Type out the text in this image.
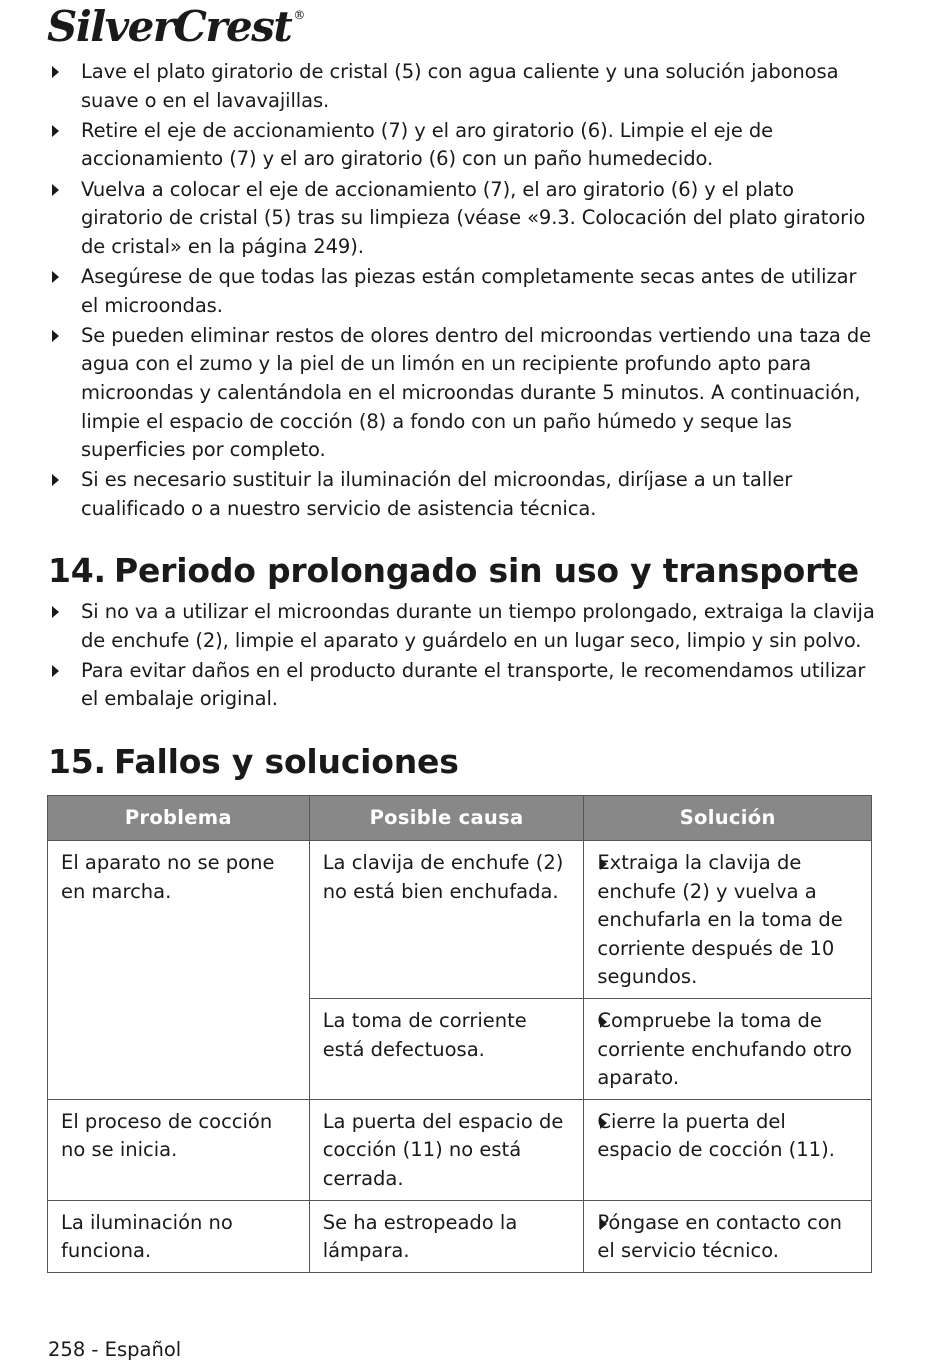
SilverCrest ®
Lave el plato giratorio de cristal (5) con agua caliente y una solución jabonosa suave o en el lavavajillas.
Retire el eje de accionamiento (7) y el aro giratorio (6). Limpie el eje de accionamiento (7) y el aro giratorio (6) con un paño humedecido.
Vuelva a colocar el eje de accionamiento (7), el aro giratorio (6) y el plato giratorio de cristal (5) tras su limpieza (véase «9.3. Colocación del plato giratorio de cristal» en la página 249).
Asegúrese de que todas las piezas están completamente secas antes de utilizar el microondas.
Se pueden eliminar restos de olores dentro del microondas vertiendo una taza de agua con el zumo y la piel de un limón en un recipiente profundo apto para microondas y calentándola en el microondas durante 5 minutos. A continuación, limpie el espacio de cocción (8) a fondo con un paño húmedo y seque las superficies por completo.
Si es necesario sustituir la iluminación del microondas, diríjase a un taller cualificado o a nuestro servicio de asistencia técnica.
14. Periodo prolongado sin uso y transporte
Si no va a utilizar el microondas durante un tiempo prolongado, extraiga la clavija de enchufe (2), limpie el aparato y guárdelo en un lugar seco, limpio y sin polvo.
Para evitar daños en el producto durante el transporte, le recomendamos utilizar el embalaje original.
15. Fallos y soluciones
Problema	Posible causa	Solución
El aparato no se pone en marcha.	La clavija de enchufe (2) no está bien enchufada.	Extraiga la clavija de enchufe (2) y vuelva a enchufarla en la toma de corriente después de 10 segundos.
	La toma de corriente está defectuosa.	Compruebe la toma de corriente enchufando otro aparato.
El proceso de cocción no se inicia.	La puerta del espacio de cocción (11) no está cerrada.	Cierre la puerta del espacio de cocción (11).
La iluminación no funciona.	Se ha estropeado la lámpara.	Póngase en contacto con el servicio técnico.
258 - Español
